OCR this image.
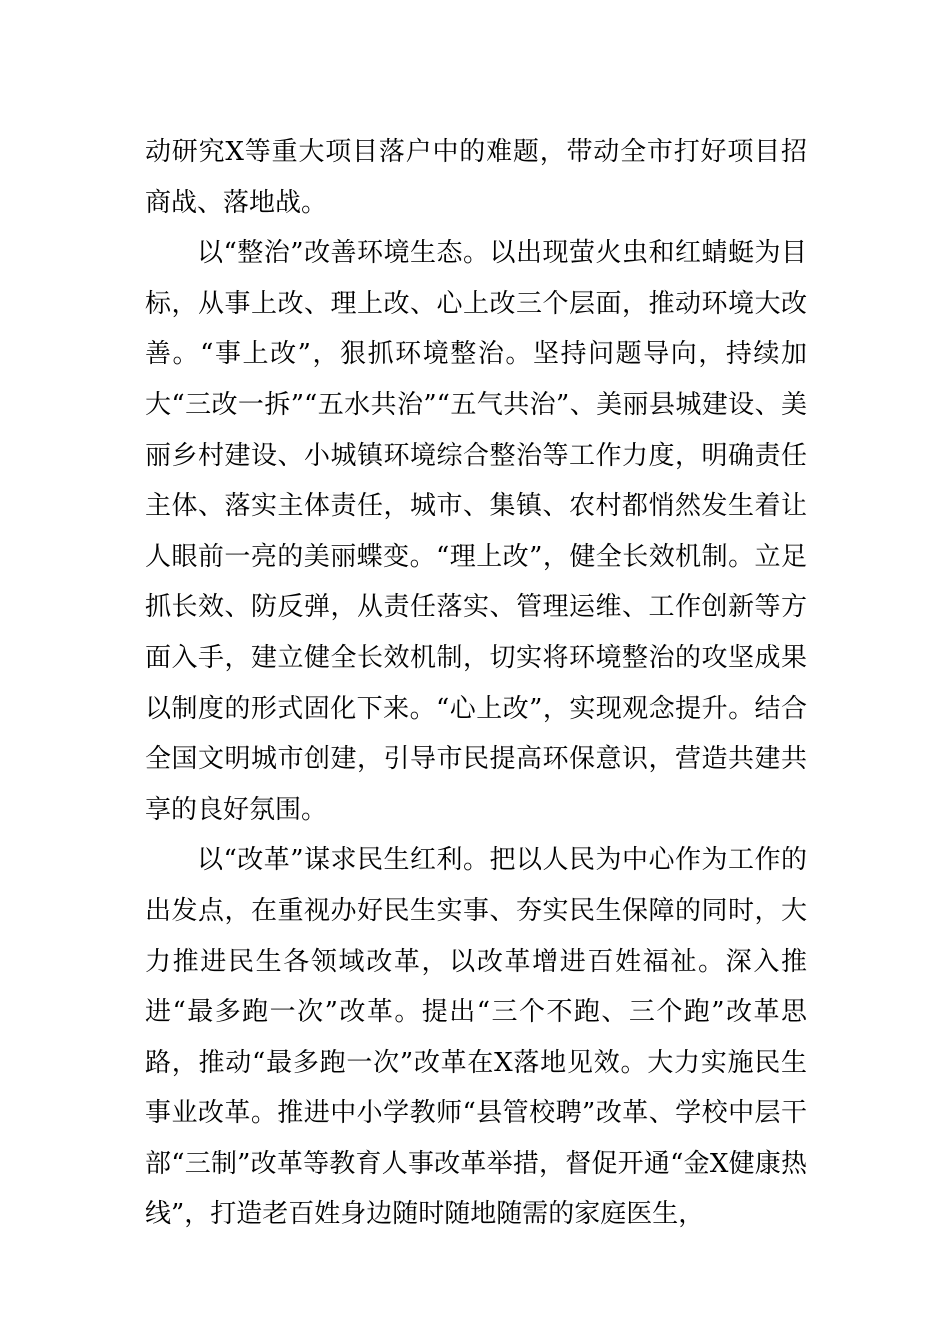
动研究X等重大项目落户中的难题，带动全市打好项目招商战、落地战。

以“整治”改善环境生态。以出现萤火虫和红蜻蜓为目标，从事上改、理上改、心上改三个层面，推动环境大改善。“事上改”，狠抓环境整治。坚持问题导向，持续加大“三改一拆”“五水共治”“五气共治”、美丽县城建设、美丽乡村建设、小城镇环境综合整治等工作力度，明确责任主体、落实主体责任，城市、集镇、农村都悄然发生着让人眼前一亮的美丽蝶变。“理上改”，健全长效机制。立足抓长效、防反弹，从责任落实、管理运维、工作创新等方面入手，建立健全长效机制，切实将环境整治的攻坚成果以制度的形式固化下来。“心上改”，实现观念提升。结合全国文明城市创建，引导市民提高环保意识，营造共建共享的良好氛围。

以“改革”谋求民生红利。把以人民为中心作为工作的出发点，在重视办好民生实事、夯实民生保障的同时，大力推进民生各领域改革，以改革增进百姓福祉。深入推进“最多跑一次”改革。提出“三个不跑、三个跑”改革思路，推动“最多跑一次”改革在X落地见效。大力实施民生事业改革。推进中小学教师“县管校聘”改革、学校中层干部“三制”改革等教育人事改革举措，督促开通“金X健康热线”，打造老百姓身边随时随地随需的家庭医生，
